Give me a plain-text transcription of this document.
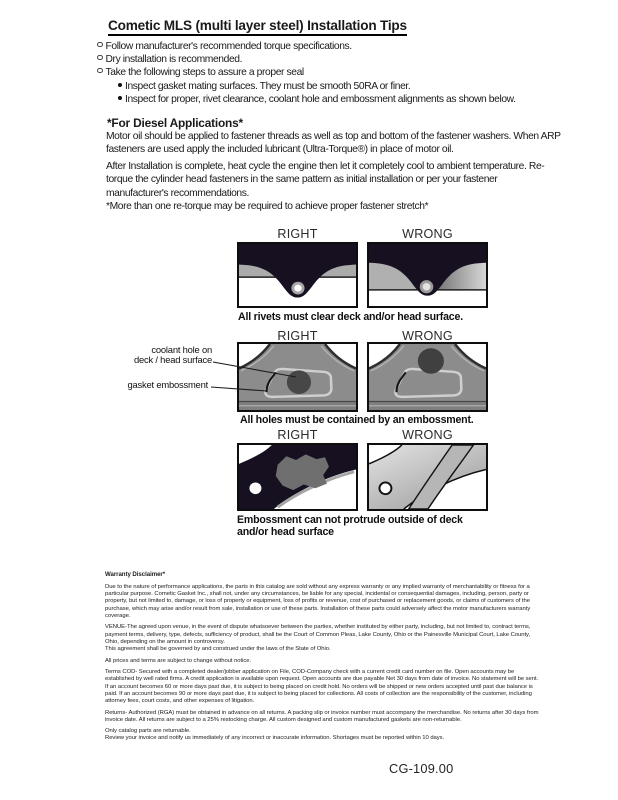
Cometic MLS (multi layer steel) Installation Tips
Follow manufacturer's recommended torque specifications.
Dry installation is recommended.
Take the following steps to assure a proper seal
Inspect gasket mating surfaces. They must be smooth 50RA or finer.
Inspect for proper, rivet clearance, coolant hole and embossment alignments as shown below.
*For Diesel Applications*

Motor oil should be applied to fastener threads as well as top and bottom of the fastener washers. When ARP fasteners are used apply the included lubricant (Ultra-Torque®) in place of motor oil.

After Installation is complete, heat cycle the engine then let it completely cool to ambient temperature. Re-torque the cylinder head fasteners in the same pattern as initial installation or per your fastener manufacturer's recommendations.

*More than one re-torque may be required to achieve proper fastener stretch*

RIGHT	WRONG
All rivets must clear deck and/or head surface.
RIGHT	WRONG
coolant hole on
deck / head surface
gasket embossment
All holes must be contained by an embossment.
RIGHT	WRONG
Embossment can not protrude outside of deck and/or head surface
Warranty Disclaimer*

Due to the nature of performance applications, the parts in this catalog are sold without any express warranty or any implied warranty of merchantability or fitness for a particular purpose. Cometic Gasket Inc., shall not, under any circumstances, be liable for any special, incidental or consequential damages, including, person, party or property, but not limited to, damage, or loss of property or equipment, loss of profits or revenue, cost of purchased or replacement goods, or claims of customers of the purchase, which may arise and/or result from sale, installation or use of these parts. Installation of these parts could adversely affect the motor manufacturers warranty coverage.

VENUE-The agreed upon venue, in the event of dispute whatsoever between the parties, whether instituted by either party, including, but not limited to, contract terms, payment terms, delivery, type, defects, sufficiency of product, shall be the Court of Common Pleas, Lake County, Ohio or the Painesville Municipal Court, Lake County, Ohio, depending on the amount in controversy.

This agreement shall be governed by and construed under the laws of the State of Ohio.

All prices and terms are subject to change without notice.

Terms COD- Secured with a completed dealer/jobber application on File, COD-Company check with a current credit card number on file. Open accounts may be established by well rated firms. A credit application is available upon request. Open accounts are due payable Net 30 days from date of invoice. No statement will be sent. If an account becomes 60 or more days past due, it is subject to being placed on credit hold. No orders will be shipped or new orders accepted until past due balance is paid. If an account becomes 90 or more days past due, it is subject to being placed for collections. All costs of collection are the responsibility of the customer, including attorney fees, court costs, and other expenses of litigation.

Returns- Authorized (RGA) must be obtained in advance on all returns. A packing slip or invoice number must accompany the merchandise. No returns after 30 days from invoice date. All returns are subject to a 25% restocking charge. All custom designed and custom manufactured gaskets are non-returnable.

Only catalog parts are returnable.

Review your invoice and notify us immediately of any incorrect or inaccurate information. Shortages must be reported within 10 days.

CG-109.00
